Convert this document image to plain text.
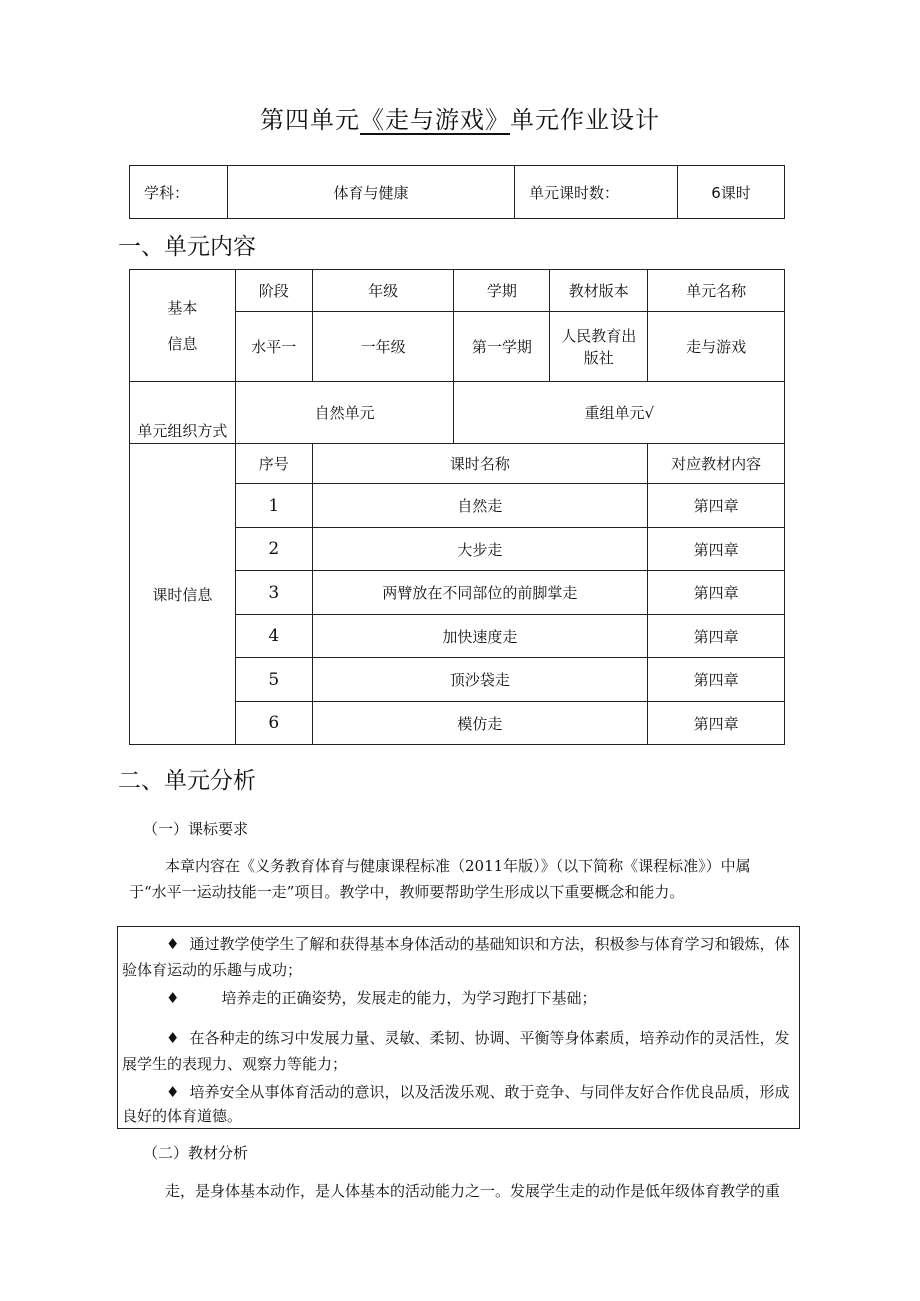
第四单元《走与游戏》单元作业设计
学科：	体育与健康	单元课时数：	6课时
一、单元内容
基本
信息	阶段	年级	学期	教材版本	单元名称
	水平一	一年级	第一学期	人民教育出版社	走与游戏
单元组织方式	自然单元		重组单元√		
课时信息	序号	课时名称			对应教材内容
	1	自然走			第四章
	2	大步走			第四章
	3	两臂放在不同部位的前脚掌走			第四章
	4	加快速度走			第四章
	5	顶沙袋走			第四章
	6	模仿走			第四章
二、单元分析
（一）课标要求
本章内容在《义务教育体育与健康课程标准（2011年版）》（以下简称《课程标准》）中属
于“水平一运动技能一走”项目。教学中，教师要帮助学生形成以下重要概念和能力。

♦ 通过教学使学生了解和获得基本身体活动的基础知识和方法，积极参与体育学习和锻炼，体

验体育运动的乐趣与成功；

♦	培养走的正确姿势，发展走的能力，为学习跑打下基础；

♦ 在各种走的练习中发展力量、灵敏、柔韧、协调、平衡等身体素质，培养动作的灵活性，发

展学生的表现力、观察力等能力；

♦ 培养安全从事体育活动的意识，以及活泼乐观、敢于竞争、与同伴友好合作优良品质，形成

良好的体育道德。

（二）教材分析
走，是身体基本动作，是人体基本的活动能力之一。发展学生走的动作是低年级体育教学的重
